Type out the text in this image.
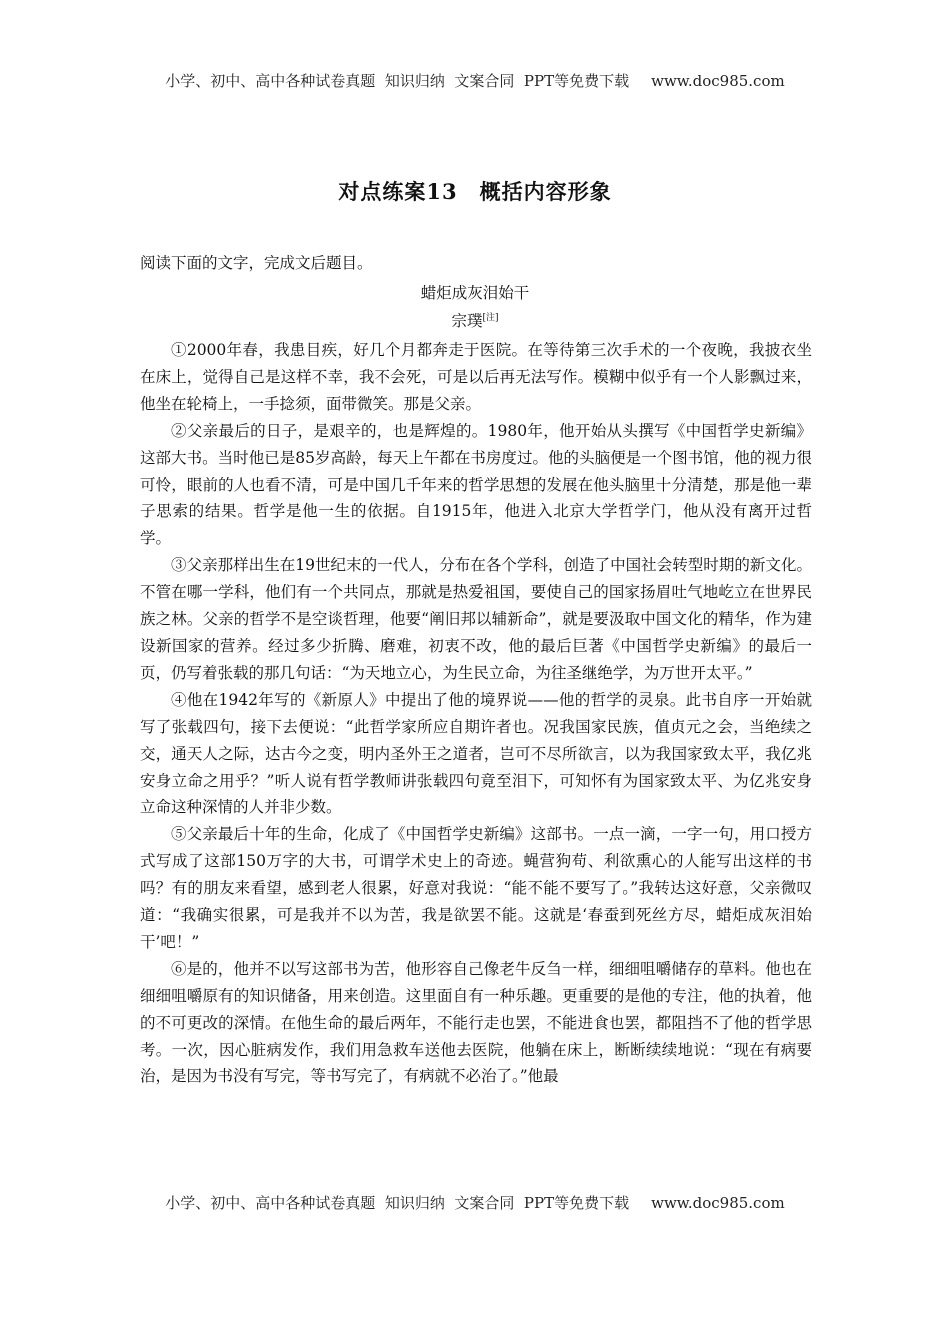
小学、初中、高中各种试卷真题  知识归纳  文案合同  PPT等免费下载 www.doc985.com
对点练案13　概括内容形象
阅读下面的文字，完成文后题目。
蜡炬成灰泪始干
宗璞[注]

①2000年春，我患目疾，好几个月都奔走于医院。在等待第三次手术的一个夜晚，我披衣坐在床上，觉得自己是这样不幸，我不会死，可是以后再无法写作。模糊中似乎有一个人影飘过来，他坐在轮椅上，一手捻须，面带微笑。那是父亲。

②父亲最后的日子，是艰辛的，也是辉煌的。1980年，他开始从头撰写《中国哲学史新编》这部大书。当时他已是85岁高龄，每天上午都在书房度过。他的头脑便是一个图书馆，他的视力很可怜，眼前的人也看不清，可是中国几千年来的哲学思想的发展在他头脑里十分清楚，那是他一辈子思索的结果。哲学是他一生的依据。自1915年，他进入北京大学哲学门，他从没有离开过哲学。

③父亲那样出生在19世纪末的一代人，分布在各个学科，创造了中国社会转型时期的新文化。不管在哪一学科，他们有一个共同点，那就是热爱祖国，要使自己的国家扬眉吐气地屹立在世界民族之林。父亲的哲学不是空谈哲理，他要“阐旧邦以辅新命”，就是要汲取中国文化的精华，作为建设新国家的营养。经过多少折腾、磨难，初衷不改，他的最后巨著《中国哲学史新编》的最后一页，仍写着张载的那几句话：“为天地立心，为生民立命，为往圣继绝学，为万世开太平。”

④他在1942年写的《新原人》中提出了他的境界说——他的哲学的灵泉。此书自序一开始就写了张载四句，接下去便说：“此哲学家所应自期许者也。况我国家民族，值贞元之会，当绝续之交，通天人之际，达古今之变，明内圣外王之道者，岂可不尽所欲言，以为我国家致太平，我亿兆安身立命之用乎？”听人说有哲学教师讲张载四句竟至泪下，可知怀有为国家致太平、为亿兆安身立命这种深情的人并非少数。

⑤父亲最后十年的生命，化成了《中国哲学史新编》这部书。一点一滴，一字一句，用口授方式写成了这部150万字的大书，可谓学术史上的奇迹。蝇营狗苟、利欲熏心的人能写出这样的书吗？有的朋友来看望，感到老人很累，好意对我说：“能不能不要写了。”我转达这好意，父亲微叹道：“我确实很累，可是我并不以为苦，我是欲罢不能。这就是‘春蚕到死丝方尽，蜡炬成灰泪始干’吧！”

⑥是的，他并不以写这部书为苦，他形容自己像老牛反刍一样，细细咀嚼储存的草料。他也在细细咀嚼原有的知识储备，用来创造。这里面自有一种乐趣。更重要的是他的专注，他的执着，他的不可更改的深情。在他生命的最后两年，不能行走也罢，不能进食也罢，都阻挡不了他的哲学思考。一次，因心脏病发作，我们用急救车送他去医院，他躺在床上，断断续续地说：“现在有病要治，是因为书没有写完，等书写完了，有病就不必治了。”他最

小学、初中、高中各种试卷真题  知识归纳  文案合同  PPT等免费下载 www.doc985.com
